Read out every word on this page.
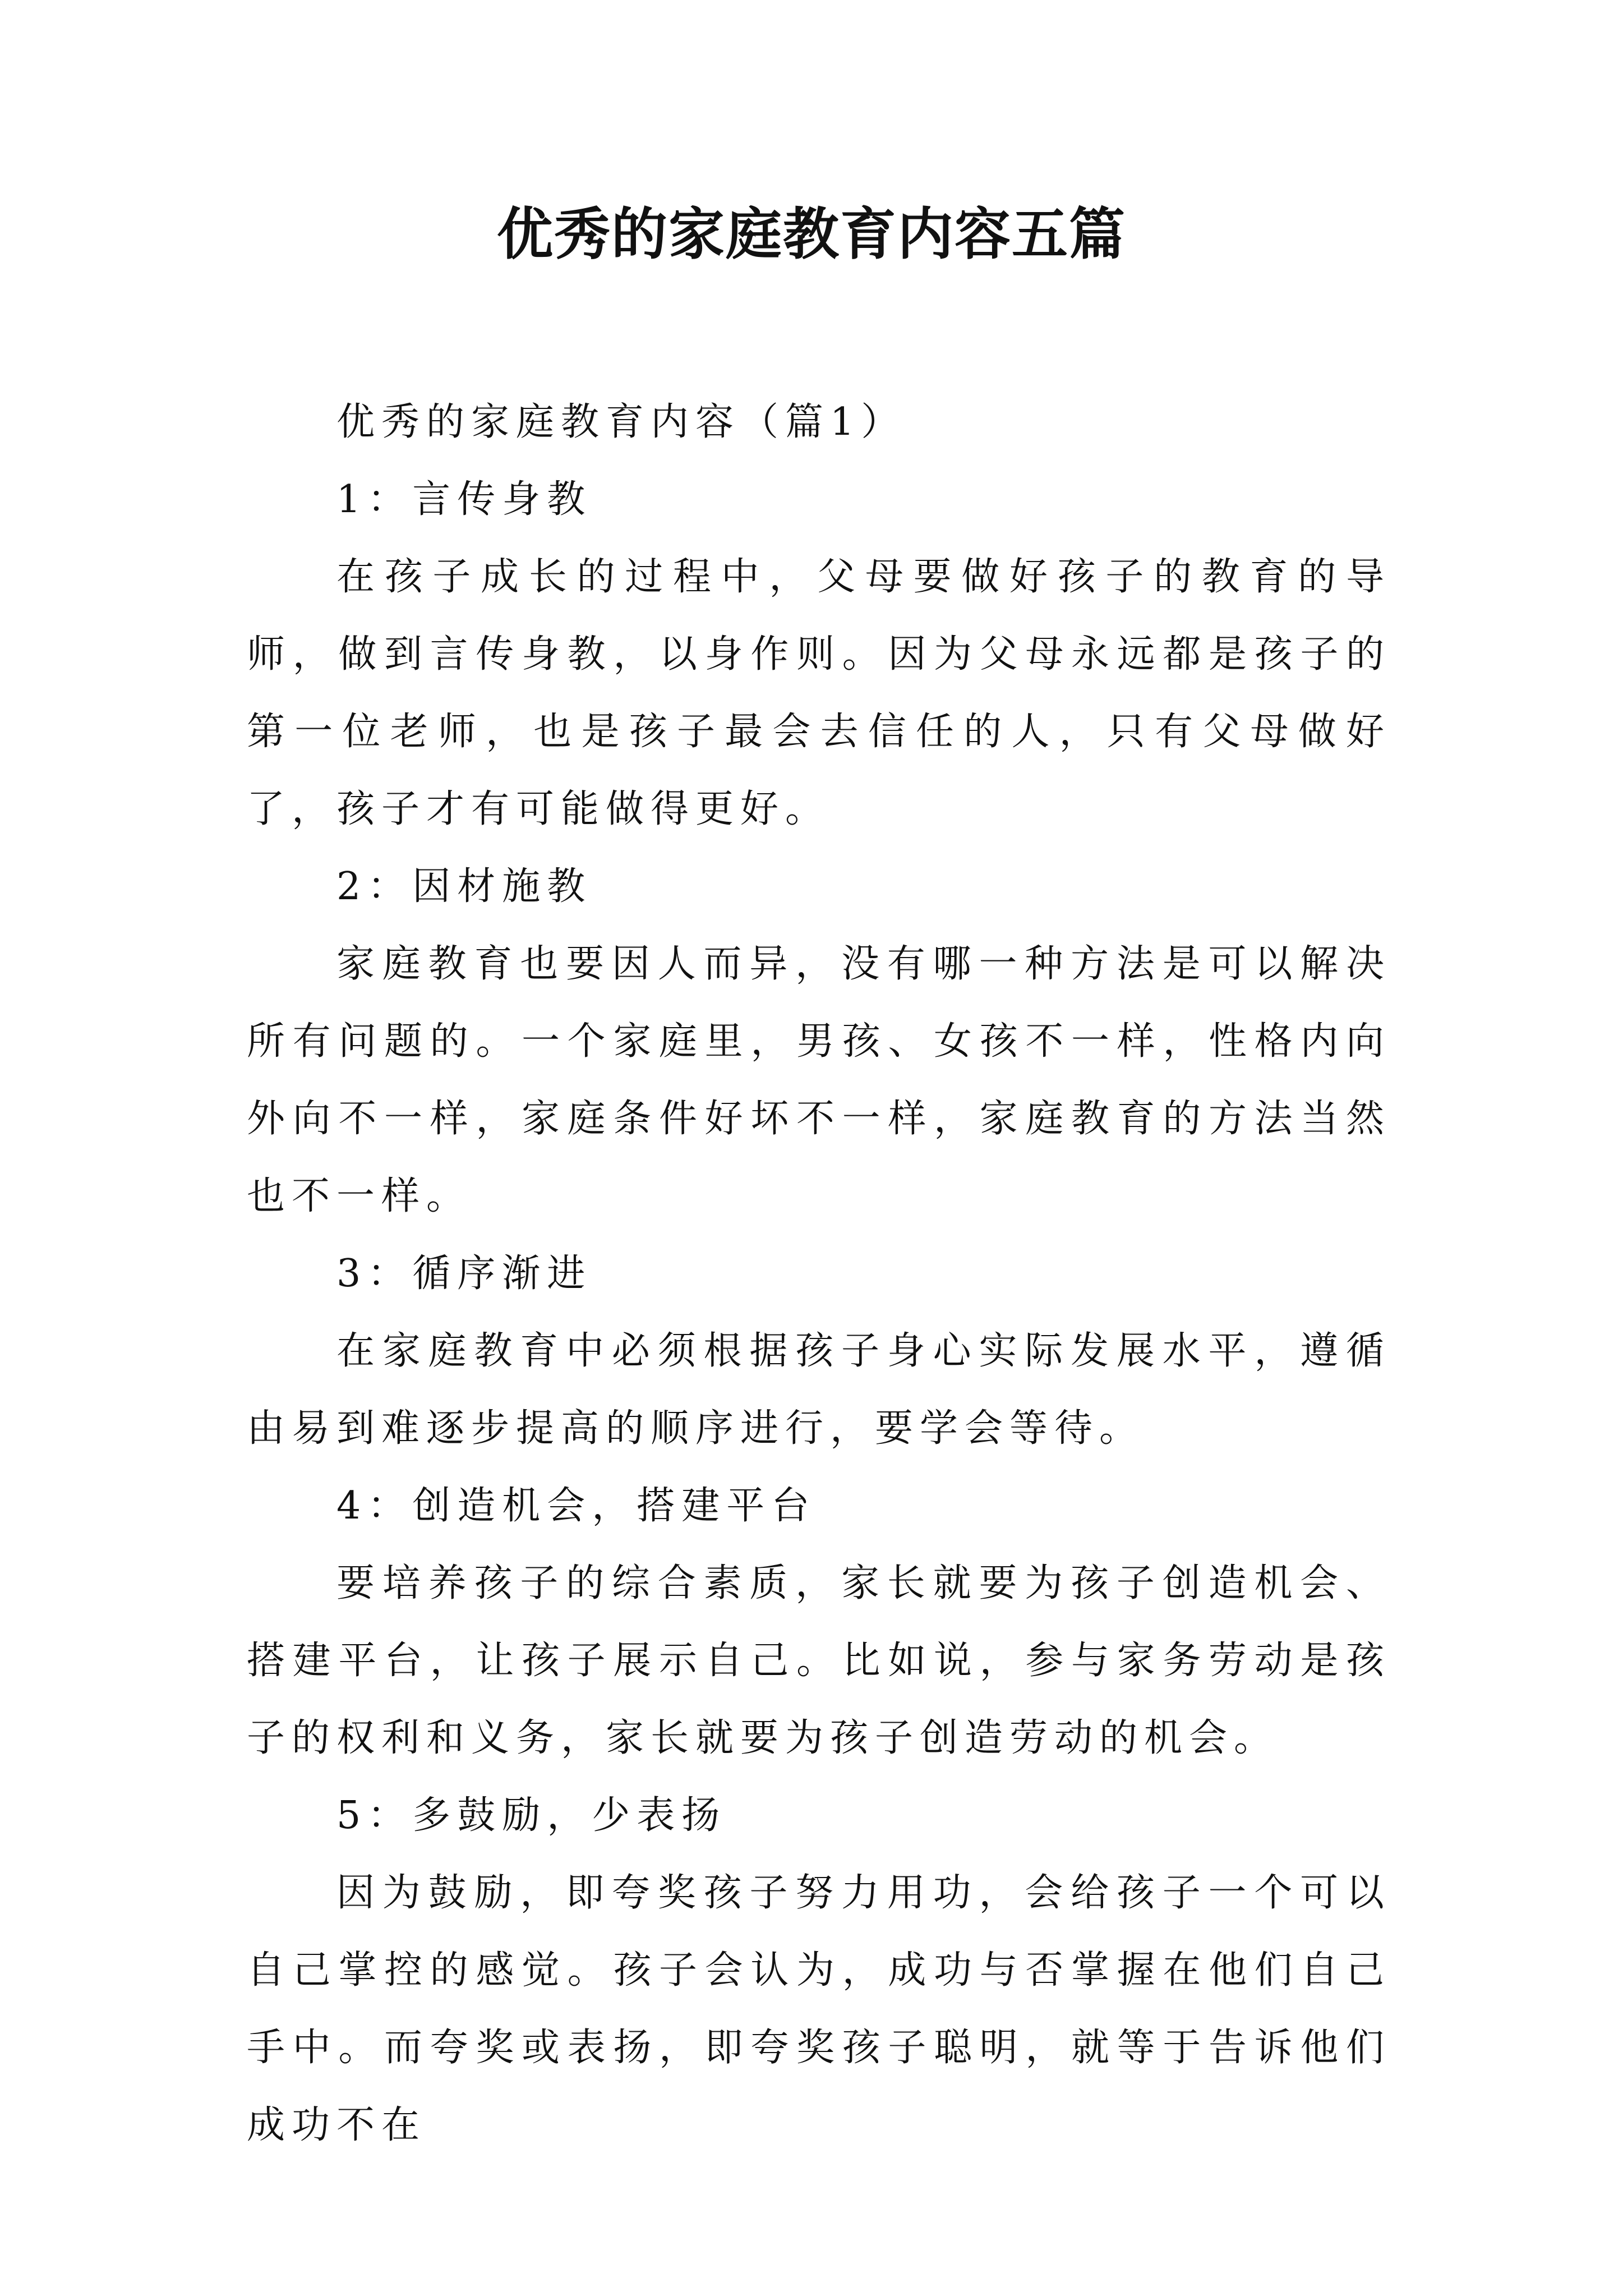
优秀的家庭教育内容五篇

优秀的家庭教育内容（篇1）

1：言传身教

在孩子成长的过程中，父母要做好孩子的教育的导师，做到言传身教，以身作则。因为父母永远都是孩子的第一位老师，也是孩子最会去信任的人，只有父母做好了，孩子才有可能做得更好。

2：因材施教

家庭教育也要因人而异，没有哪一种方法是可以解决所有问题的。一个家庭里，男孩、女孩不一样，性格内向外向不一样，家庭条件好坏不一样，家庭教育的方法当然也不一样。

3：循序渐进

在家庭教育中必须根据孩子身心实际发展水平，遵循由易到难逐步提高的顺序进行，要学会等待。

4：创造机会，搭建平台

要培养孩子的综合素质，家长就要为孩子创造机会、搭建平台，让孩子展示自己。比如说，参与家务劳动是孩子的权利和义务，家长就要为孩子创造劳动的机会。

5：多鼓励，少表扬

因为鼓励，即夸奖孩子努力用功，会给孩子一个可以自己掌控的感觉。孩子会认为，成功与否掌握在他们自己手中。而夸奖或表扬，即夸奖孩子聪明，就等于告诉他们成功不在
